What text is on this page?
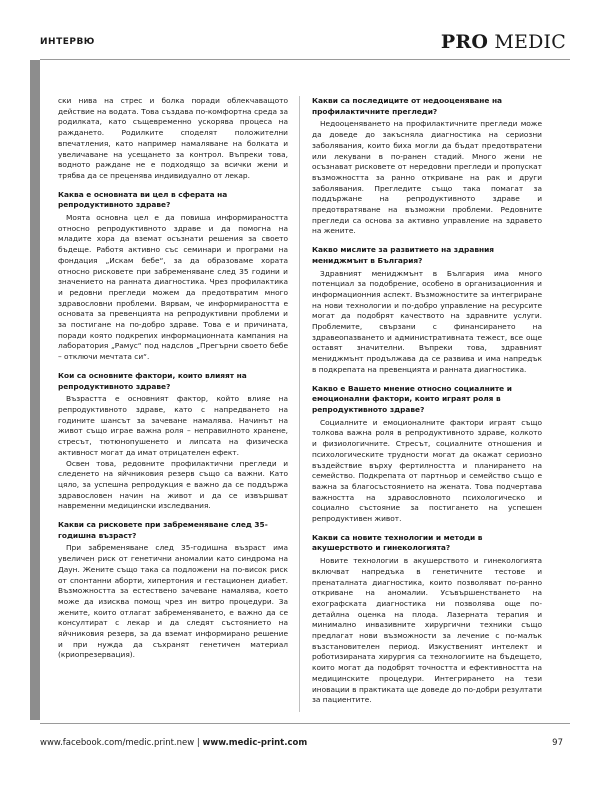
ИНТЕРВЮ	PRO MEDIC

ски нива на стрес и болка поради облекчаващото действие на водата. Това създава по-комфортна среда за родилката, като същевременно ускорява процеса на раждането. Родилките споделят положителни впечатления, като например намаляване на болката и увеличаване на усещането за контрол. Въпреки това, водното раждане не е подходящо за всички жени и трябва да се преценява индивидуално от лекар.

Каква е основната ви цел в сферата на репродуктивното здраве?

Моята основна цел е да повиша информираността относно репродуктивното здраве и да помогна на младите хора да вземат осъзнати решения за своето бъдеще. Работя активно със семинари и програми на фондация „Искам бебе“, за да образоваме хората относно рисковете при забременяване след 35 години и значението на ранната диагностика. Чрез профилактика и редовни прегледи можем да предотвратим много здравословни проблеми. Вярвам, че информираността е основата за превенцията на репродуктивни проблеми и за постигане на по-добро здраве. Това е и причината, поради която подкрепих информационната кампания на лаборатория „Рамус“ под надслов „Прегърни своето бебе – отключи мечтата си“.

Кои са основните фактори, които влияят на репродуктивното здраве?

Възрастта е основният фактор, който влияе на репродуктивното здраве, като с напредването на годините шансът за зачеване намалява. Начинът на живот също играе важна роля – неправилното хранене, стресът, тютюнопушенето и липсата на физическа активност могат да имат отрицателен ефект.

Освен това, редовните профилактични прегледи и следенето на яйчниковия резерв също са важни. Като цяло, за успешна репродукция е важно да се поддържа здравословен начин на живот и да се извършват навременни медицински изследвания.

Какви са рисковете при забременяване след 35-годишна възраст?

При забременяване след 35-годишна възраст има увеличен риск от генетични аномалии като синдрома на Даун. Жените също така са подложени на по-висок риск от спонтанни аборти, хипертония и гестационен диабет. Възможността за естествено зачеване намалява, което може да изисква помощ чрез ин витро процедури. За жените, които отлагат забременяването, е важно да се консултират с лекар и да следят състоянието на яйчниковия резерв, за да вземат информирано решение и при нужда да съхранят генетичен материал (криопрезервация).

Какви са последиците от недооценяване на профилактичните прегледи?

Недооценяването на профилактичните прегледи може да доведе до закъсняла диагностика на сериозни заболявания, които биха могли да бъдат предотвратени или лекувани в по-ранен стадий. Много жени не осъзнават рисковете от нередовни прегледи и пропускат възможността за ранно откриване на рак и други заболявания. Прегледите също така помагат за поддържане на репродуктивното здраве и предотвратяване на възможни проблеми. Редовните прегледи са основа за активно управление на здравето на жените.

Какво мислите за развитието на здравния мениджмънт в България?

Здравният мениджмънт в България има много потенциал за подобрение, особено в организационния и информационния аспект. Възможностите за интегриране на нови технологии и по-добро управление на ресурсите могат да подобрят качеството на здравните услуги. Проблемите, свързани с финансирането на здравеопазването и административната тежест, все още оставят значителни. Въпреки това, здравният мениджмънт продължава да се развива и има напредък в подкрепата на превенцията и ранната диагностика.

Какво е Вашето мнение относно социалните и емоционални фактори, които играят роля в репродуктивното здраве?

Социалните и емоционалните фактори играят също толкова важна роля в репродуктивното здраве, колкото и физиологичните. Стресът, социалните отношения и психологическите трудности могат да окажат сериозно въздействие върху фертилността и планирането на семейство. Подкрепата от партньор и семейство също е важна за благосъстоянието на жената. Това подчертава важността на здравословното психологическо и социално състояние за постигането на успешен репродуктивен живот.

Какви са новите технологии и методи в акушерството и гинекологията?

Новите технологии в акушерството и гинекологията включват напредъка в генетичните тестове и пренаталната диагностика, които позволяват по-ранно откриване на аномалии. Усъвършенстването на ехографската диагностика ни позволява още по-детайлна оценка на плода. Лазерната терапия и минимално инвазивните хирургични техники също предлагат нови възможности за лечение с по-малък възстановителен период. Изкуственият интелект и роботизираната хирургия са технологиите на бъдещето, които могат да подобрят точността и ефективността на медицинските процедури. Интегрирането на тези иновации в практиката ще доведе до по-добри резултати за пациентите.

www.facebook.com/medic.print.new | www.medic-print.com	97
